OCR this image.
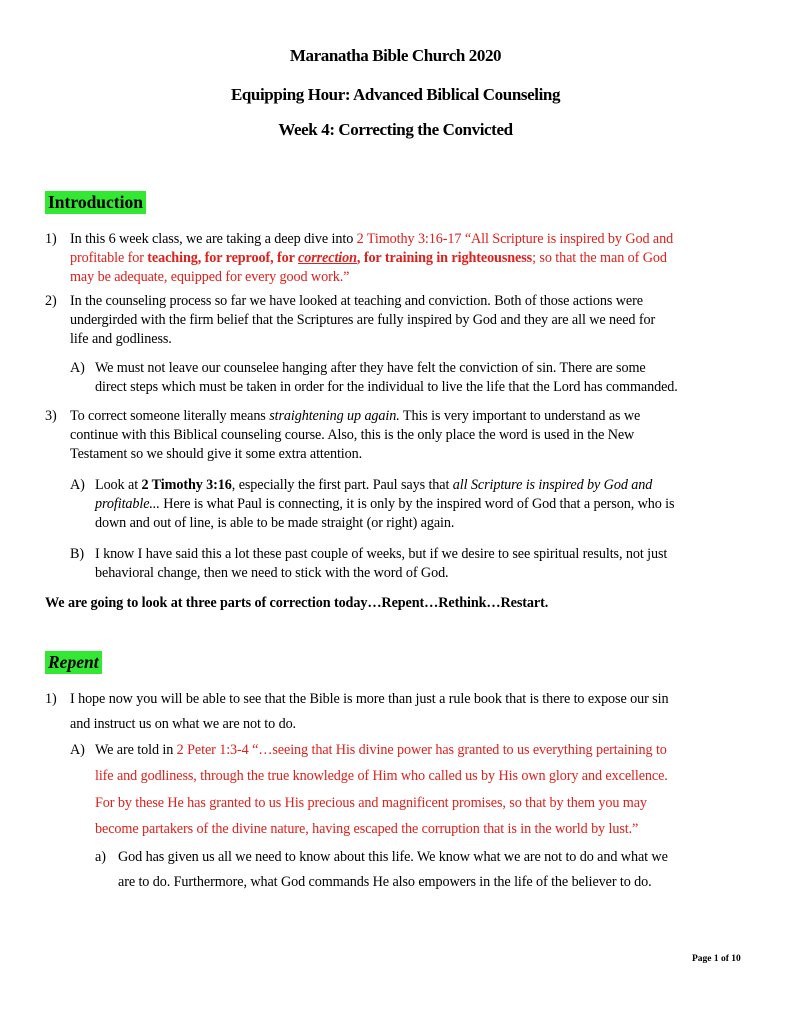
Maranatha Bible Church 2020
Equipping Hour: Advanced Biblical Counseling
Week 4: Correcting the Convicted
Introduction
1) In this 6 week class, we are taking a deep dive into 2 Timothy 3:16-17 “All Scripture is inspired by God and
profitable for teaching, for reproof, for correction, for training in righteousness; so that the man of God
may be adequate, equipped for every good work.”
2) In the counseling process so far we have looked at teaching and conviction. Both of those actions were
undergirded with the firm belief that the Scriptures are fully inspired by God and they are all we need for
life and godliness.
A) We must not leave our counselee hanging after they have felt the conviction of sin. There are some
direct steps which must be taken in order for the individual to live the life that the Lord has commanded.
3) To correct someone literally means straightening up again. This is very important to understand as we
continue with this Biblical counseling course. Also, this is the only place the word is used in the New
Testament so we should give it some extra attention.
A) Look at 2 Timothy 3:16, especially the first part. Paul says that all Scripture is inspired by God and
profitable... Here is what Paul is connecting, it is only by the inspired word of God that a person, who is
down and out of line, is able to be made straight (or right) again.
B) I know I have said this a lot these past couple of weeks, but if we desire to see spiritual results, not just
behavioral change, then we need to stick with the word of God.
We are going to look at three parts of correction today…Repent…Rethink…Restart.
Repent
1) I hope now you will be able to see that the Bible is more than just a rule book that is there to expose our sin
and instruct us on what we are not to do.
A) We are told in 2 Peter 1:3-4 “…seeing that His divine power has granted to us everything pertaining to
life and godliness, through the true knowledge of Him who called us by His own glory and excellence.
For by these He has granted to us His precious and magnificent promises, so that by them you may
become partakers of the divine nature, having escaped the corruption that is in the world by lust.”
a) God has given us all we need to know about this life. We know what we are not to do and what we
are to do. Furthermore, what God commands He also empowers in the life of the believer to do.
Page 1 of 10
